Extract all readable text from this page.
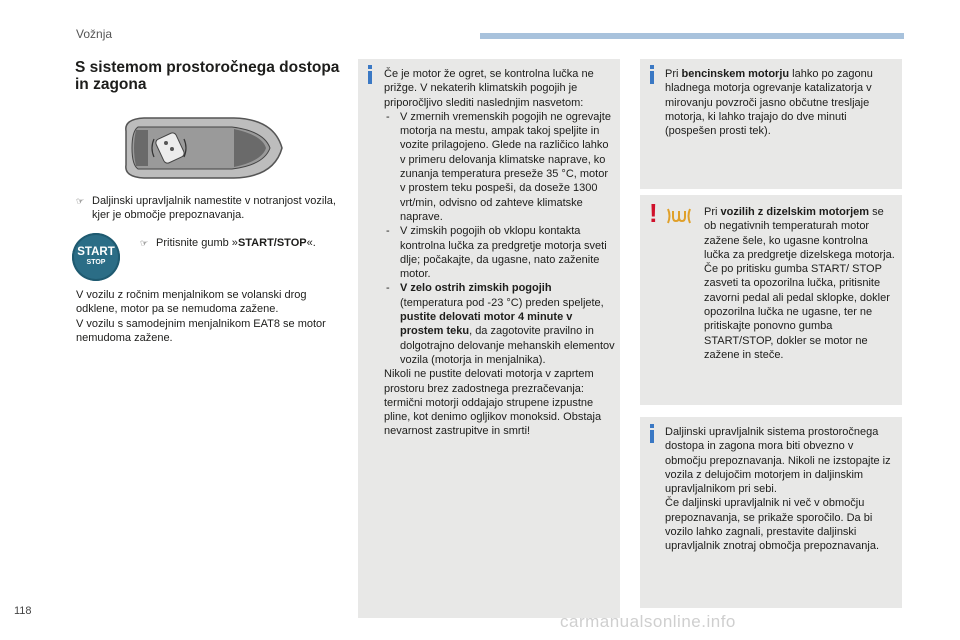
Vožnja
S sistemom prostoročnega dostopa in zagona
☞ Daljinski upravljalnik namestite v notranjost vozila, kjer je območje prepoznavanja.
START
STOP
☞ Pritisnite gumb »START/STOP«.
V vozilu z ročnim menjalnikom se volanski drog odklene, motor pa se nemudoma zažene.
V vozilu s samodejnim menjalnikom EAT8 se motor nemudoma zažene.
Če je motor že ogret, se kontrolna lučka ne prižge. V nekaterih klimatskih pogojih je priporočljivo slediti naslednjim nasvetom:
- V zmernih vremenskih pogojih ne ogrevajte motorja na mestu, ampak takoj speljite in vozite prilagojeno. Glede na različico lahko v primeru delovanja klimatske naprave, ko zunanja temperatura preseže 35 °C, motor v prostem teku pospeši, da doseže 1300 vrt/min, odvisno od zahteve klimatske naprave.
- V zimskih pogojih ob vklopu kontakta kontrolna lučka za predgretje motorja sveti dlje; počakajte, da ugasne, nato zaženite motor.
- V zelo ostrih zimskih pogojih
(temperatura pod -23 °C) preden speljete, pustite delovati motor 4 minute v prostem teku, da zagotovite pravilno in dolgotrajno delovanje mehanskih elementov vozila (motorja in menjalnika).
Nikoli ne pustite delovati motorja v zaprtem prostoru brez zadostnega prezračevanja: termični motorji oddajajo strupene izpustne pline, kot denimo ogljikov monoksid. Obstaja nevarnost zastrupitve in smrti!
Pri bencinskem motorju lahko po zagonu hladnega motorja ogrevanje katalizatorja v mirovanju povzroči jasno občutne tresljaje motorja, ki lahko trajajo do dve minuti (pospešen prosti tek).
!	Pri vozilih z dizelskim motorjem se ob negativnih temperaturah motor zažene šele, ko ugasne kontrolna lučka za predgretje dizelskega motorja.
Če po pritisku gumba START/ STOP zasveti ta opozorilna lučka, pritisnite zavorni pedal ali pedal sklopke, dokler opozorilna lučka ne ugasne, ter ne pritiskajte ponovno gumba START/STOP, dokler se motor ne zažene in steče.
Daljinski upravljalnik sistema prostoročnega dostopa in zagona mora biti obvezno v območju prepoznavanja. Nikoli ne izstopajte iz vozila z delujočim motorjem in daljinskim upravljalnikom pri sebi.
Če daljinski upravljalnik ni več v območju prepoznavanja, se prikaže sporočilo. Da bi vozilo lahko zagnali, prestavite daljinski upravljalnik znotraj območja prepoznavanja.
118
carmanualsonline.info
